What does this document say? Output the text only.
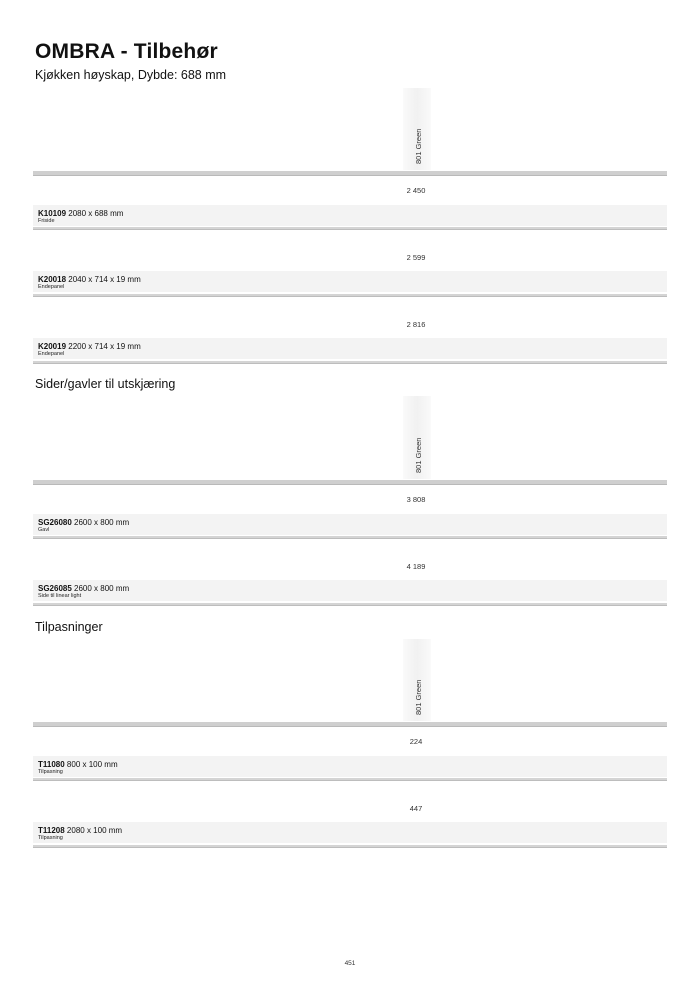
OMBRA - Tilbehør
Kjøkken høyskap, Dybde: 688 mm
801 Green
2 450
K10109 2080 x 688 mm
Friside
2 599
K20018 2040 x 714 x 19 mm
Endepanel
2 816
K20019 2200 x 714 x 19 mm
Endepanel
Sider/gavler til utskjæring
801 Green
3 808
SG26080 2600 x 800 mm
Gavl
4 189
SG26085 2600 x 800 mm
Side til linear light
Tilpasninger
801 Green
224
T11080 800 x 100 mm
Tilpasning
447
T11208 2080 x 100 mm
Tilpasning
451
